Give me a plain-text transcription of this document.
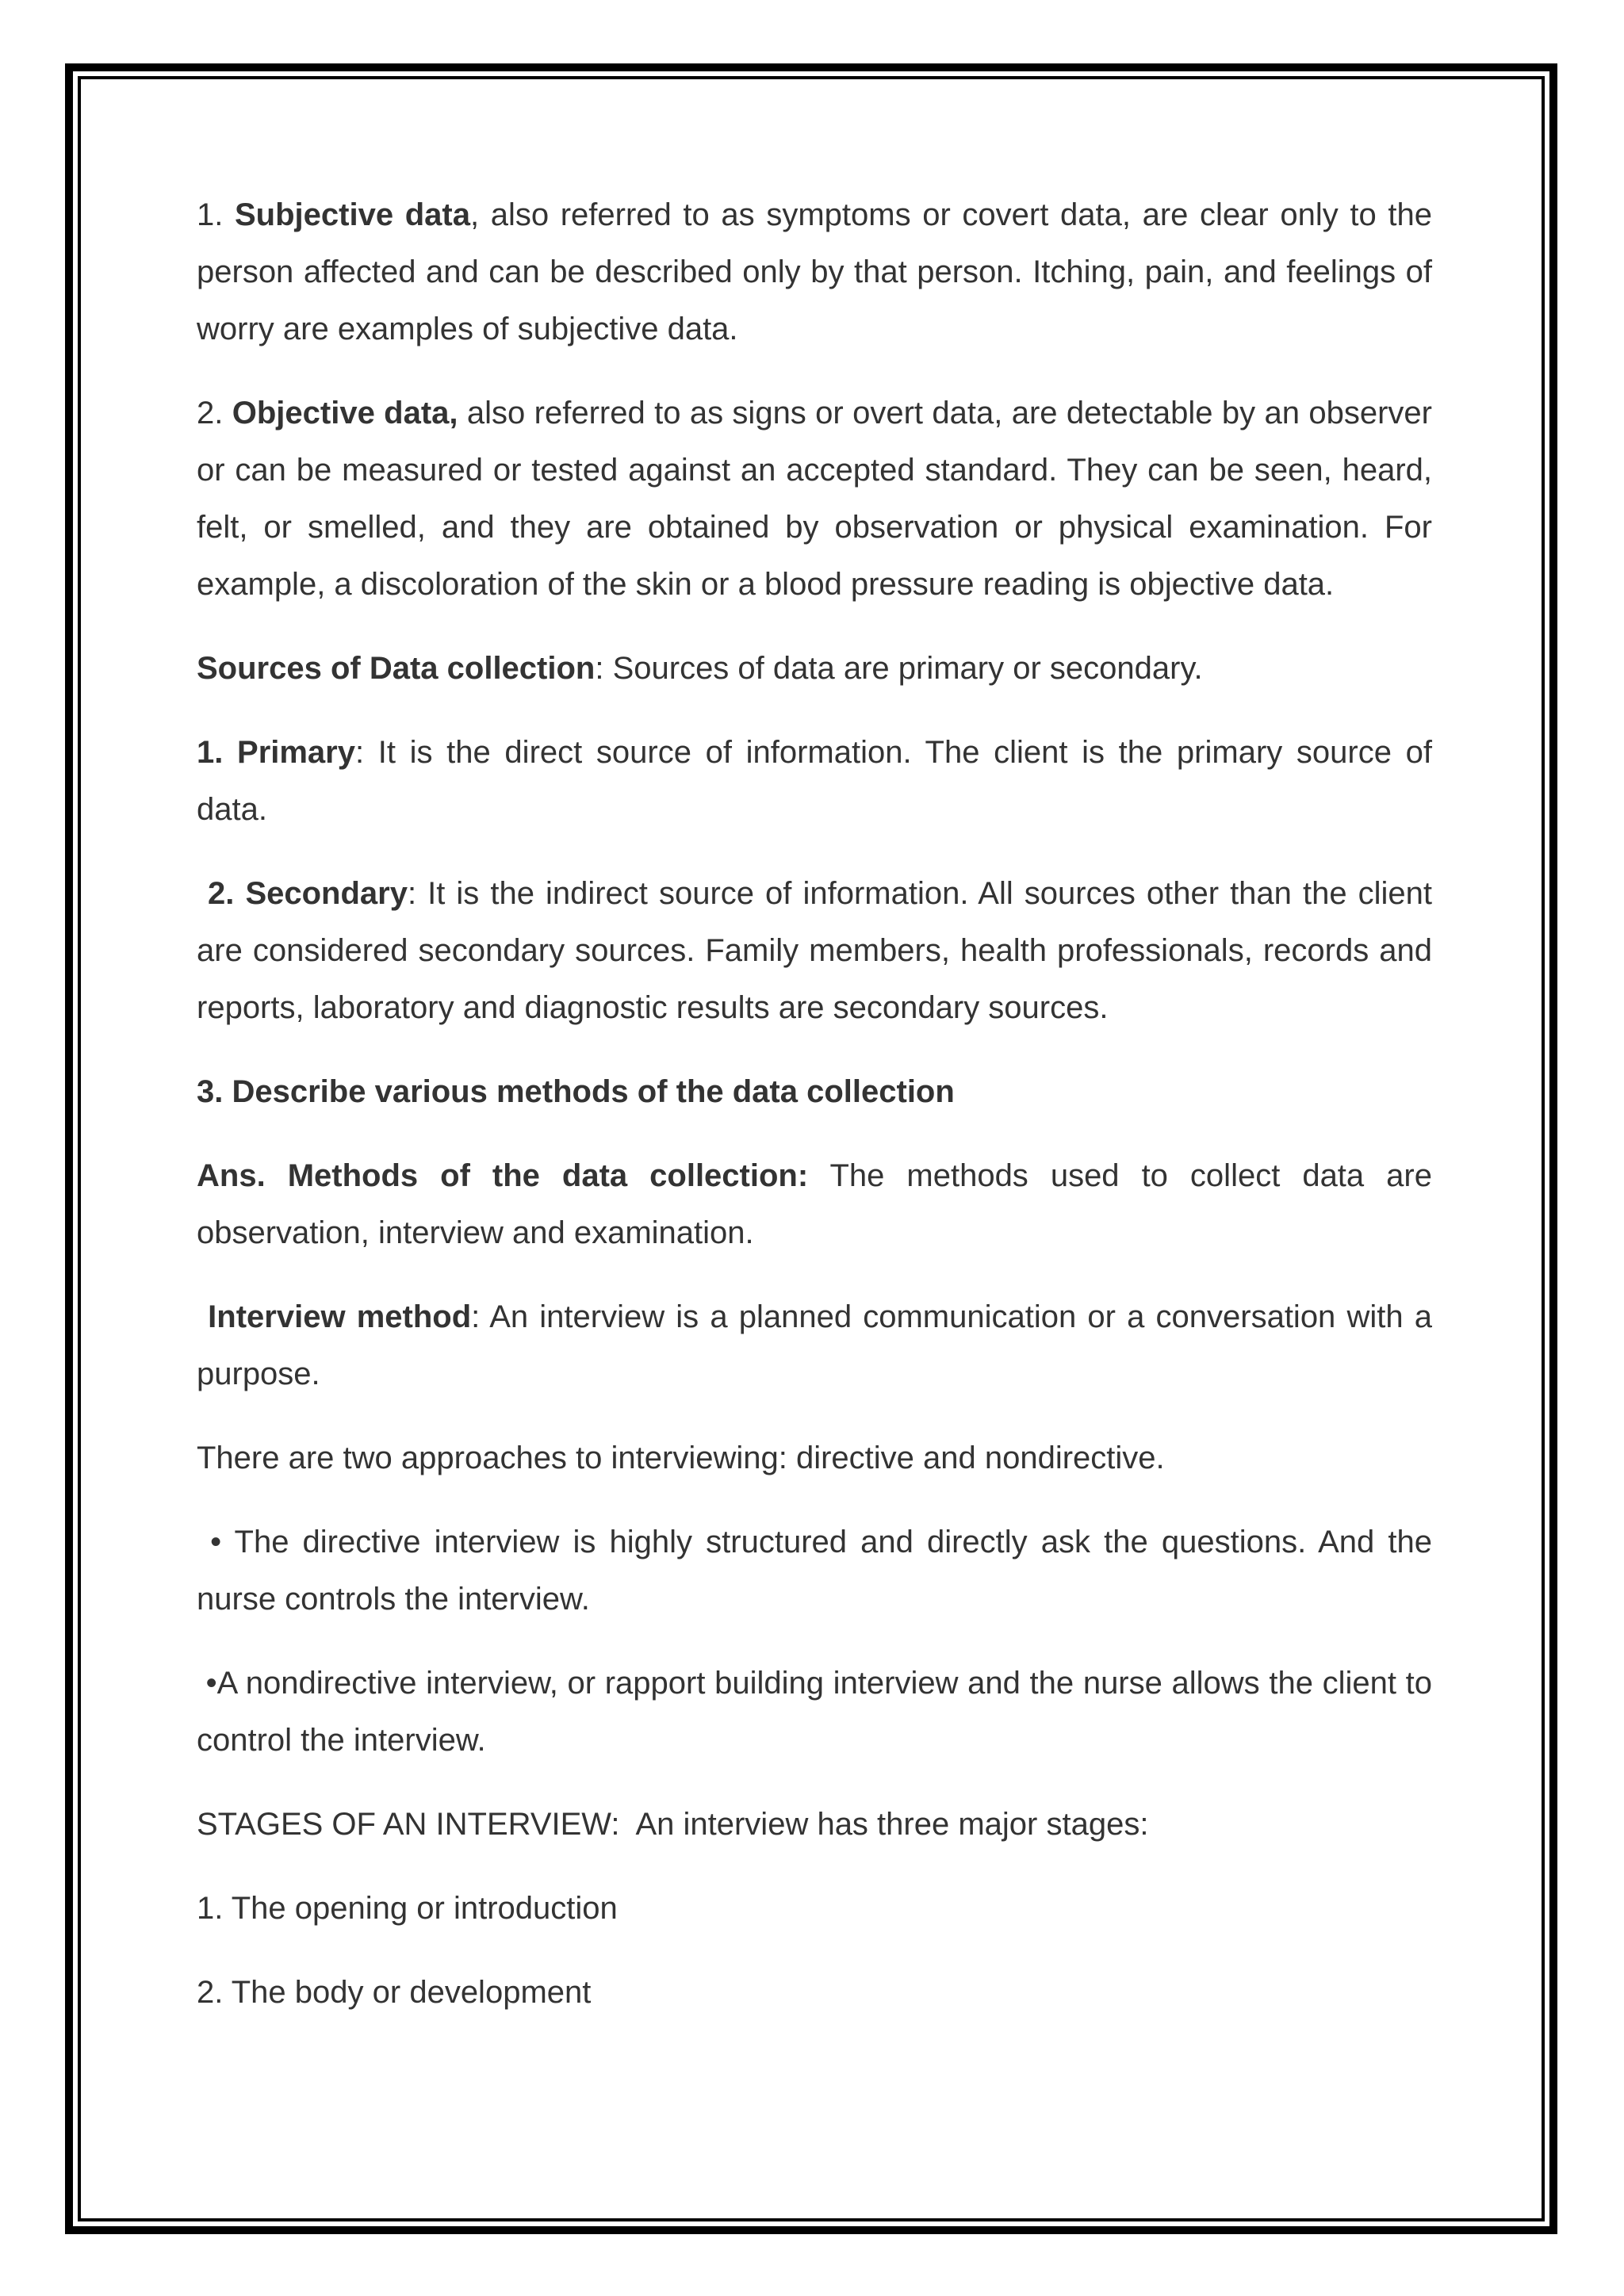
1. Subjective data, also referred to as symptoms or covert data, are clear only to the person affected and can be described only by that person. Itching, pain, and feelings of worry are examples of subjective data.

2. Objective data, also referred to as signs or overt data, are detectable by an observer or can be measured or tested against an accepted standard. They can be seen, heard, felt, or smelled, and they are obtained by observation or physical examination. For example, a discoloration of the skin or a blood pressure reading is objective data.

Sources of Data collection: Sources of data are primary or secondary.

1. Primary: It is the direct source of information. The client is the primary source of data.

2. Secondary: It is the indirect source of information. All sources other than the client are considered secondary sources. Family members, health professionals, records and reports, laboratory and diagnostic results are secondary sources.

3. Describe various methods of the data collection

Ans. Methods of the data collection: The methods used to collect data are observation, interview and examination.

Interview method: An interview is a planned communication or a conversation with a purpose.

There are two approaches to interviewing: directive and nondirective.

• The directive interview is highly structured and directly ask the questions. And the nurse controls the interview.

•A nondirective interview, or rapport building interview and the nurse allows the client to control the interview.

STAGES OF AN INTERVIEW:  An interview has three major stages:

1. The opening or introduction

2. The body or development
